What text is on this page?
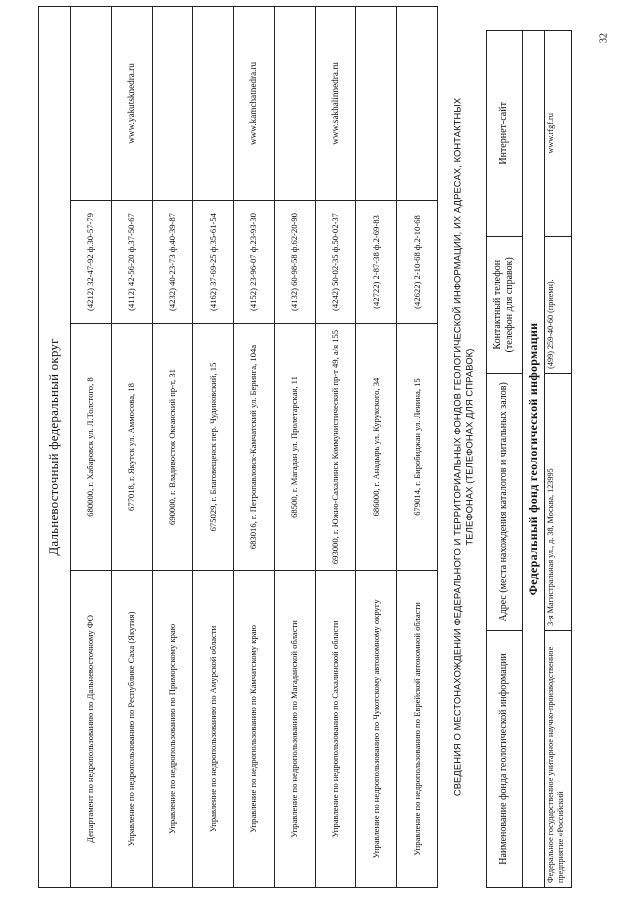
Дальневосточный федеральный округ			
Департамент по недропользованию по Дальневосточному ФО	680000, г. Хабаровск ул. Л.Толстого, 8	(4212) 32-47-92 ф.30-57-79	
Управление по недропользованию по Республике Саха (Якутия)	677018, г. Якутск ул. Аммосова, 18	(4112) 42-56-20 ф.37-50-67	www.yakutsknedra.ru
Управление по недропользованию по Приморскому краю	690000, г. Владивосток Океанский пр-т, 31	(4232) 40-23-73 ф.40-39-87	
Управление по недропользованию по Амурской области	675029, г. Благовещенск пер. Чудиновский, 15	(4162) 37-69-25 ф.35-61-54	
Управление по недропользованию по Камчатскому краю	683016, г. Петропавловск-Камчатский ул. Беринга, 104а	(4152) 23-96-07 ф.23-93-30	www.kamchatnedra.ru
Управление по недропользованию по Магаданской области	68500, г. Магадан ул. Пролетарская, 11	(4132) 60-98-58 ф.62-20-90	
Управление по недропользованию по Сахалинской области	693000, г. Южно-Сахалинск Коммунистический пр-т 49, а/я 155	(4242) 50-02-35 ф.50-02-37	www.sakhalinnedra.ru
Управление по недропользованию по Чукотскому автономному округу	686000, г. Анадырь ул. Курукского, 34	(42722) 2-87-38 ф.2-69-83	
Управление по недропользованию по Еврейской автономной области	679014, г. Биробиджан ул. Ленина, 15	(42622) 2-10-68 ф.2-10-68		СВЕДЕНИЯ О МЕСТОНАХОЖДЕНИИ ФЕДЕРАЛЬНОГО И ТЕРРИТОРИАЛЬНЫХ ФОНДОВ ГЕОЛОГИЧЕСКОЙ ИНФОРМАЦИИ, ИХ АДРЕСАХ, КОНТАКТНЫХ ТЕЛЕФОНАХ (ТЕЛЕФОНАХ ДЛЯ СПРАВОК)
Наименование фонда геологической информации	Адрес (места нахождения каталогов и читальных залов)	Контактный телефон (телефон для справок)	Интернет-сайт
Федеральный фонд геологической информации			
Федеральное государственное унитарное научно-производственное предприятие «Российский	3-я Магистральная ул., д. 38, Москва, 123995	(499) 259-40-60 (приемн).	www.rfgf.ru
32
